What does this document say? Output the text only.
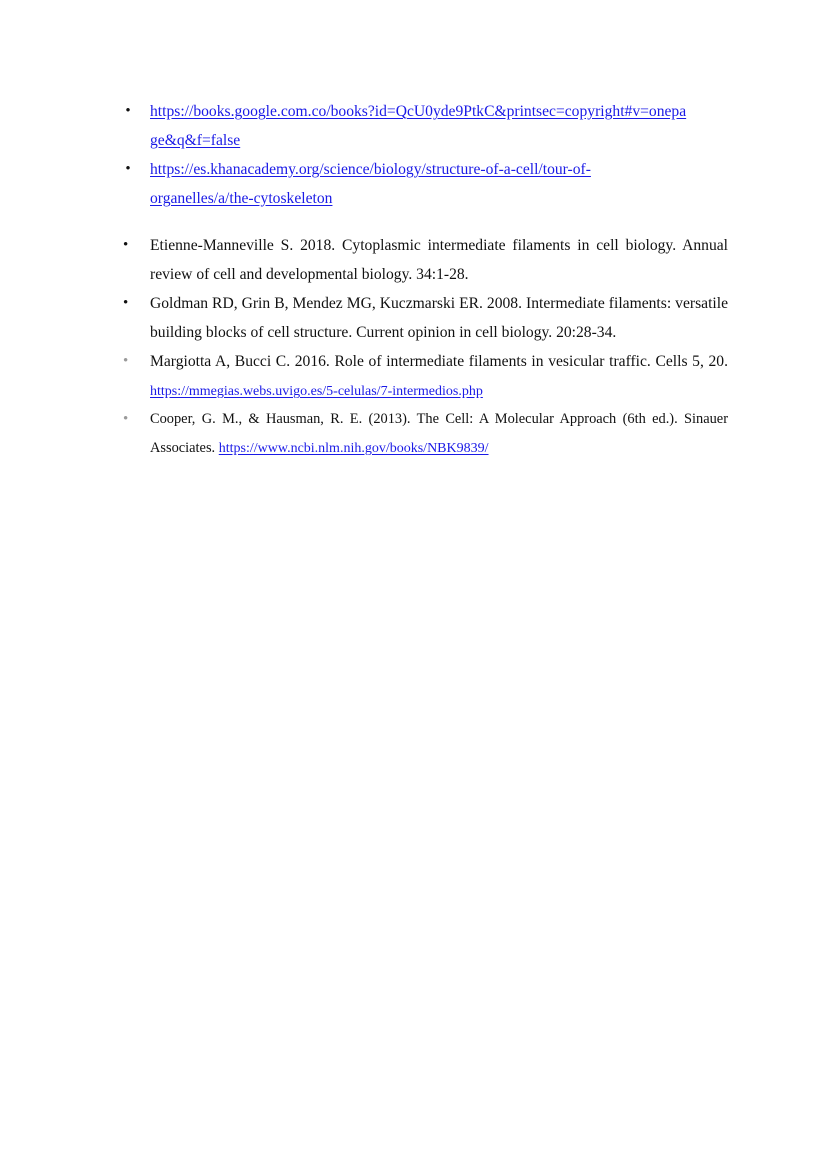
• https://books.google.com.co/books?id=QcU0yde9PtkC&printsec=copyright#v=onepa
ge&q&f=false
• https://es.khanacademy.org/science/biology/structure-of-a-cell/tour-of-
organelles/a/the-cytoskeleton
•	Etienne-Manneville S. 2018. Cytoplasmic intermediate filaments in cell biology. Annual review of cell and developmental biology. 34:1-28.
•	Goldman RD, Grin B, Mendez MG, Kuczmarski ER. 2008. Intermediate filaments: versatile building blocks of cell structure. Current opinion in cell biology. 20:28-34.
•	Margiotta A, Bucci C. 2016. Role of intermediate filaments in vesicular traffic. Cells 5, 20. https://mmegias.webs.uvigo.es/5-celulas/7-intermedios.php
•	Cooper, G. M., & Hausman, R. E. (2013). The Cell: A Molecular Approach (6th ed.). Sinauer Associates. https://www.ncbi.nlm.nih.gov/books/NBK9839/
